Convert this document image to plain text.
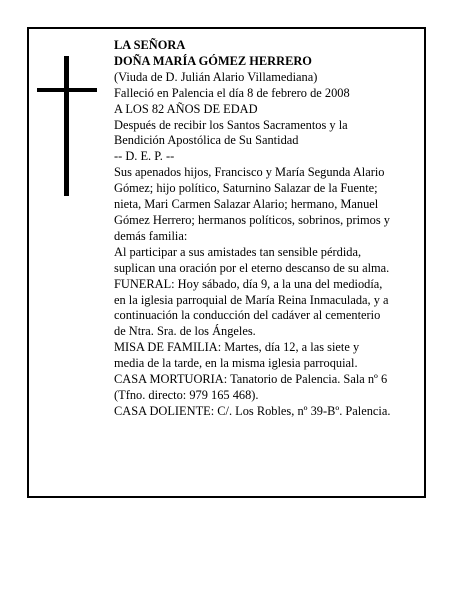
LA SEÑORA
DOÑA MARÍA GÓMEZ HERRERO
(Viuda de D. Julián Alario Villamediana)
Falleció en Palencia el día 8 de febrero de 2008
A LOS 82 AÑOS DE EDAD
Después de recibir los Santos Sacramentos y la
Bendición Apostólica de Su Santidad
-- D. E. P. --
Sus apenados hijos, Francisco y María Segunda Alario
Gómez; hijo político, Saturnino Salazar de la Fuente;
nieta, Mari Carmen Salazar Alario; hermano, Manuel
Gómez Herrero; hermanos políticos, sobrinos, primos y
demás familia:
Al participar a sus amistades tan sensible pérdida,
suplican una oración por el eterno descanso de su alma.
FUNERAL: Hoy sábado, día 9, a la una del mediodía,
en la iglesia parroquial de María Reina Inmaculada, y a
continuación la conducción del cadáver al cementerio
de Ntra. Sra. de los Ángeles.
MISA DE FAMILIA: Martes, día 12, a las siete y
media de la tarde, en la misma iglesia parroquial.
CASA MORTUORIA: Tanatorio de Palencia. Sala nº 6
(Tfno. directo: 979 165 468).
CASA DOLIENTE: C/. Los Robles, nº 39-Bº. Palencia.
